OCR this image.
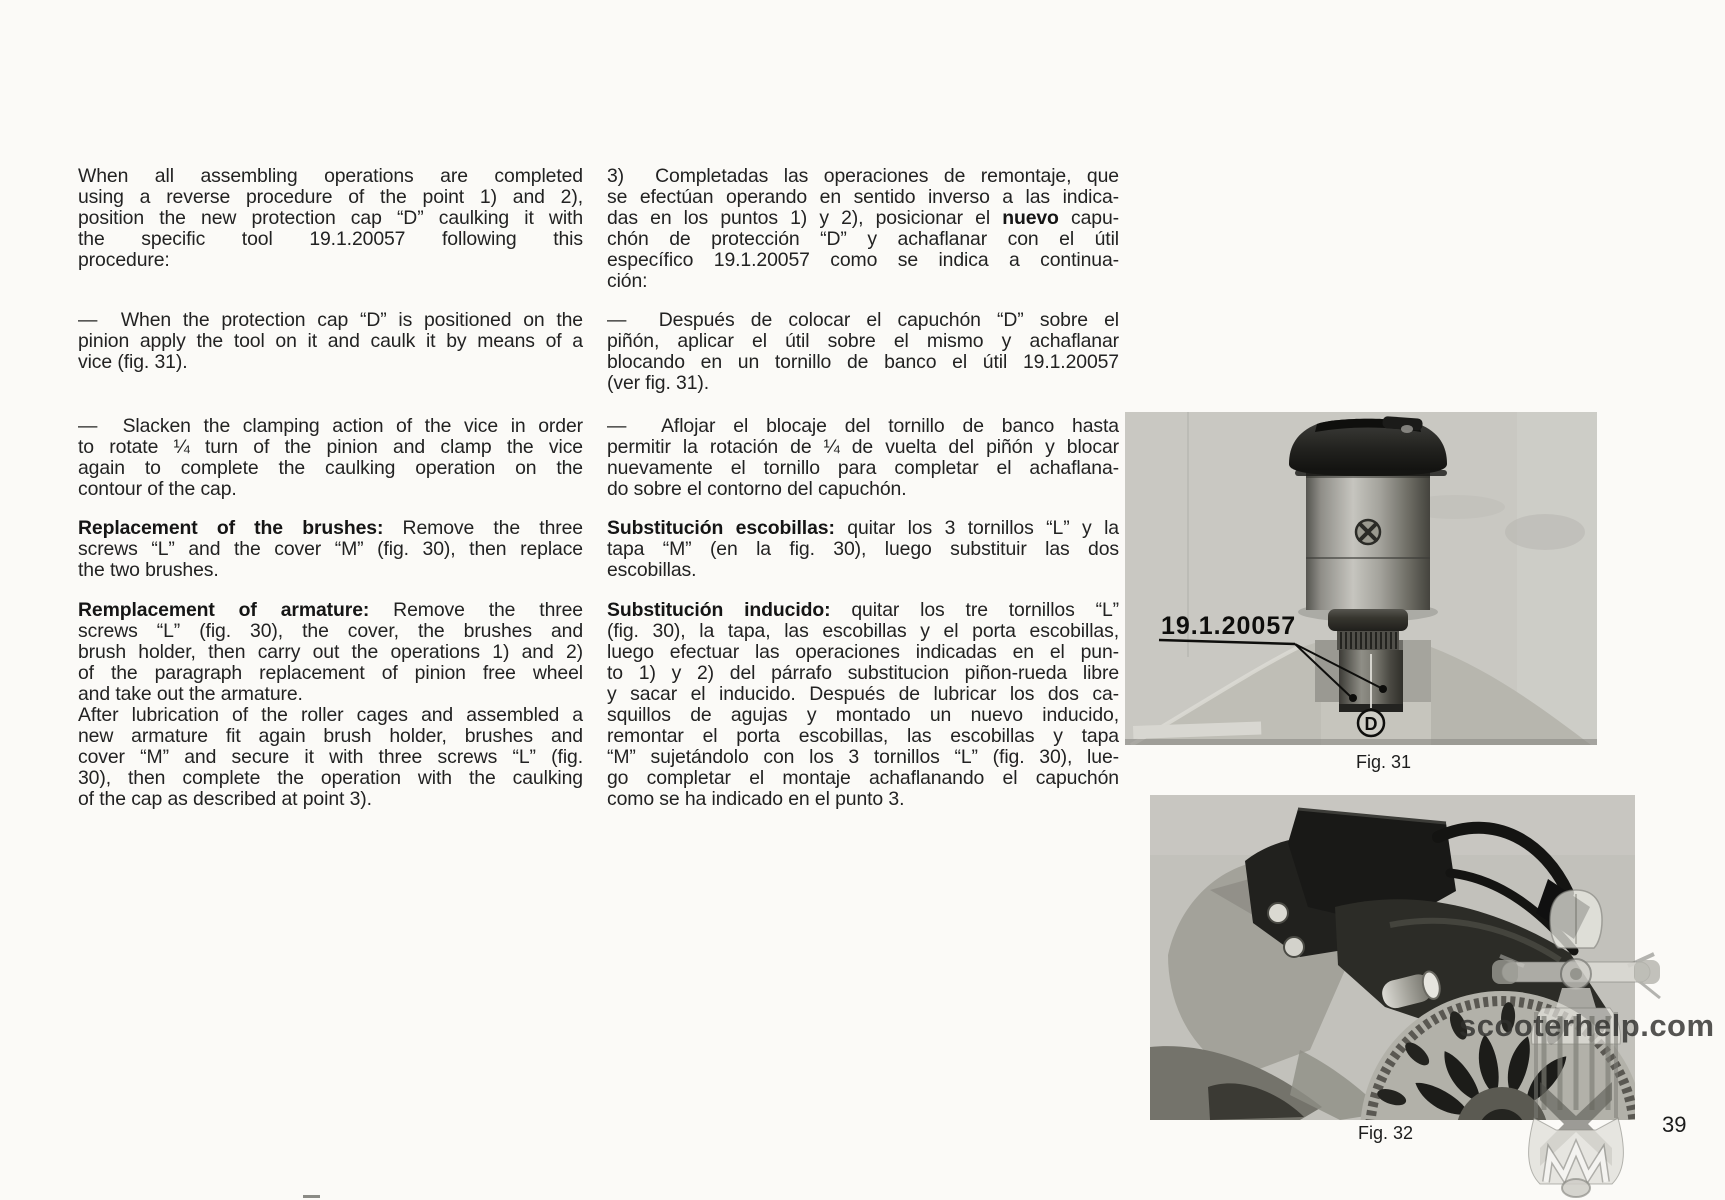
When all assembling operations are completed
using a reverse procedure of the point 1) and 2),
position the new protection cap “D” caulking it with
the specific tool 19.1.20057 following this
procedure:
—  When the protection cap “D” is positioned on the
pinion apply the tool on it and caulk it by means of a
vice (fig. 31).
—  Slacken the clamping action of the vice in order
to rotate ¼ turn of the pinion and clamp the vice
again to complete the caulking operation on the
contour of the cap.
Replacement of the brushes: Remove the three
screws “L” and the cover “M” (fig. 30), then replace
the two brushes.
Remplacement of armature: Remove the three
screws “L” (fig. 30), the cover, the brushes and
brush holder, then carry out the operations 1) and 2)
of the paragraph replacement of pinion free wheel
and take out the armature.
After lubrication of the roller cages and assembled a
new armature fit again brush holder, brushes and
cover “M” and secure it with three screws “L” (fig.
30), then complete the operation with the caulking
of the cap as described at point 3).
3)  Completadas las operaciones de remontaje, que
se efectúan operando en sentido inverso a las indica-
das en los puntos 1) y 2), posicionar el nuevo capu-
chón de protección “D” y achaflanar con el útil
específico 19.1.20057 como se indica a continua-
ción:
—  Después de colocar el capuchón “D” sobre el
piñón, aplicar el útil sobre el mismo y achaflanar
blocando en un tornillo de banco el útil 19.1.20057
(ver fig. 31).
—  Aflojar el blocaje del tornillo de banco hasta
permitir la rotación de ¼ de vuelta del piñón y blocar
nuevamente el tornillo para completar el achaflana-
do sobre el contorno del capuchón.
Substitución escobillas: quitar los 3 tornillos “L” y la
tapa “M” (en la fig. 30), luego substituir las dos
escobillas.
Substitución inducido: quitar los tre tornillos “L”
(fig. 30), la tapa, las escobillas y el porta escobillas,
luego efectuar las operaciones indicadas en el pun-
to 1) y 2) del párrafo substitucion piñon-rueda libre
y sacar el inducido. Después de lubricar los dos ca-
squillos de agujas y montado un nuevo inducido,
remontar el porta escobillas, las escobillas y tapa
“M” sujetándolo con los 3 tornillos “L” (fig. 30), lue-
go completar el montaje achaflanando el capuchón
como se ha indicado en el punto 3.
19.1.20057
D
Fig. 31
Fig. 32
scooterhelp.com
39
